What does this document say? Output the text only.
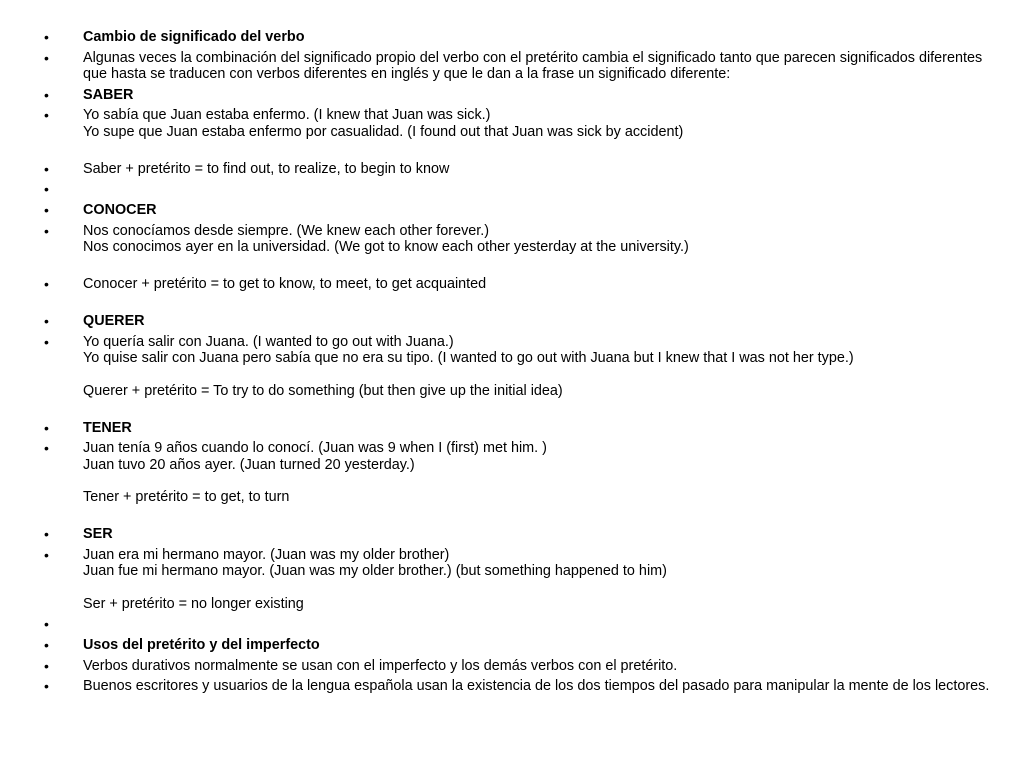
• Cambio de significado del verbo
• Algunas veces la combinación del significado propio del verbo con el pretérito cambia el significado tanto que parecen significados diferentes que hasta se traducen con verbos diferentes en inglés y que le dan a la frase un significado diferente:
• SABER
• Yo sabía que Juan estaba enfermo. (I knew that Juan was sick.)
Yo supe que Juan estaba enfermo por casualidad. (I found out that Juan was sick by accident)
• Saber + pretérito = to find out, to realize, to begin to know
•
• CONOCER
• Nos conocíamos desde siempre. (We knew each other forever.)
Nos conocimos ayer en la universidad. (We got to know each other yesterday at the university.)
• Conocer + pretérito = to get to know, to meet, to get acquainted
• QUERER
• Yo quería salir con Juana. (I wanted to go out with Juana.)
Yo quise salir con Juana pero sabía que no era su tipo. (I wanted to go out with Juana but I knew that I was not her type.)
Querer + pretérito = To try to do something (but then give up the initial idea)
• TENER
• Juan tenía 9 años cuando lo conocí. (Juan was 9 when I (first) met him. )
Juan tuvo 20 años ayer. (Juan turned 20 yesterday.)
Tener + pretérito = to get, to turn
• SER
• Juan era mi hermano mayor. (Juan was my older brother)
Juan fue mi hermano mayor. (Juan was my older brother.) (but something happened to him)
Ser + pretérito = no longer existing
•
• Usos del pretérito y del imperfecto
• Verbos durativos normalmente se usan con el imperfecto y los demás verbos con el pretérito.
• Buenos escritores y usuarios de la lengua española usan la existencia de los dos tiempos del pasado para manipular la mente de los lectores.
